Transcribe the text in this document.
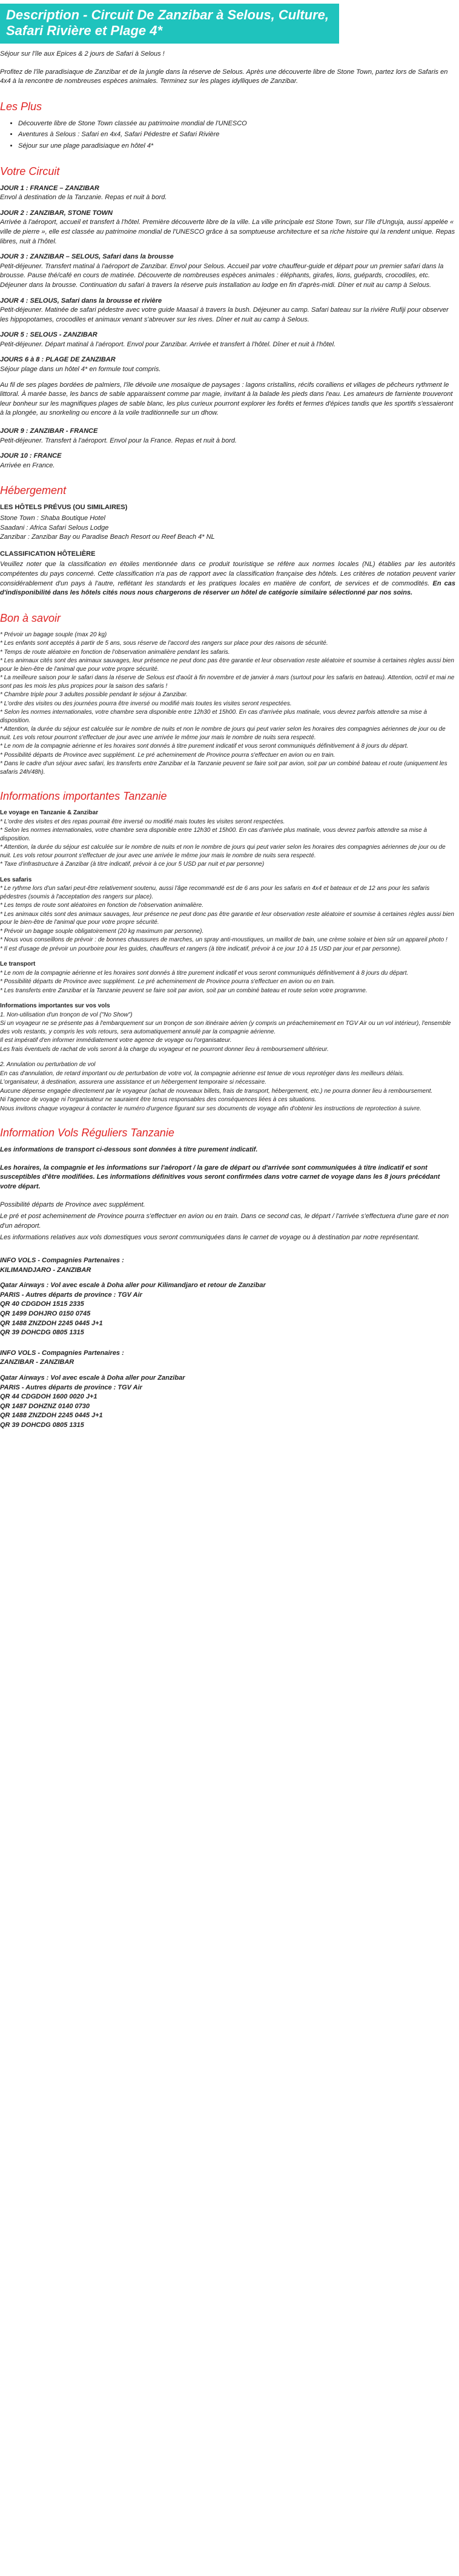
Description - Circuit De Zanzibar à Selous, Culture, Safari Rivière et Plage 4*

Séjour sur l'île aux Epices & 2 jours de Safari à Selous !

Profitez de l'île paradisiaque de Zanzibar et de la jungle dans la réserve de Selous. Après une découverte libre de Stone Town, partez lors de Safaris en 4x4 à la rencontre de nombreuses espèces animales. Terminez sur les plages idylliques de Zanzibar.

Les Plus
• Découverte libre de Stone Town classée au patrimoine mondial de l'UNESCO
• Aventures à Selous : Safari en 4x4, Safari Pédestre et Safari Rivière
• Séjour sur une plage paradisiaque en hôtel 4*
Votre Circuit
JOUR 1 : FRANCE – ZANZIBAR
Envol à destination de la Tanzanie. Repas et nuit à bord.
JOUR 2 : ZANZIBAR, STONE TOWN
Arrivée à l'aéroport, accueil et transfert à l'hôtel. Première découverte libre de la ville. La ville principale est Stone Town, sur l'île d'Unguja, aussi appelée « ville de pierre », elle est classée au patrimoine mondial de l'UNESCO grâce à sa somptueuse architecture et sa riche histoire qui la rendent unique. Repas libres, nuit à l'hôtel.
JOUR 3 : ZANZIBAR – SELOUS, Safari dans la brousse
Petit-déjeuner. Transfert matinal à l'aéroport de Zanzibar. Envol pour Selous. Accueil par votre chauffeur-guide et départ pour un premier safari dans la brousse. Pause thé/café en cours de matinée. Découverte de nombreuses espèces animales : éléphants, girafes, lions, guépards, crocodiles, etc. Déjeuner dans la brousse. Continuation du safari à travers la réserve puis installation au lodge en fin d'après-midi. Dîner et nuit au camp à Selous.
JOUR 4 : SELOUS, Safari dans la brousse et rivière
Petit-déjeuner. Matinée de safari pédestre avec votre guide Maasaï à travers la bush. Déjeuner au camp. Safari bateau sur la rivière Rufiji pour observer les hippopotames, crocodiles et animaux venant s'abreuver sur les rives. Dîner et nuit au camp à Selous.
JOUR 5 : SELOUS - ZANZIBAR
Petit-déjeuner. Départ matinal à l'aéroport. Envol pour Zanzibar. Arrivée et transfert à l'hôtel. Dîner et nuit à l'hôtel.
JOURS 6 à 8 : PLAGE DE ZANZIBAR
Séjour plage dans un hôtel 4* en formule tout compris.

Au fil de ses plages bordées de palmiers, l'île dévoile une mosaïque de paysages : lagons cristallins, récifs coralliens et villages de pêcheurs rythment le littoral. À marée basse, les bancs de sable apparaissent comme par magie, invitant à la balade les pieds dans l'eau. Les amateurs de farniente trouveront leur bonheur sur les magnifiques plages de sable blanc, les plus curieux pourront explorer les forêts et fermes d'épices tandis que les sportifs s'essaieront à la plongée, au snorkeling ou encore à la voile traditionnelle sur un dhow.

JOUR 9 : ZANZIBAR - FRANCE
Petit-déjeuner. Transfert à l'aéroport. Envol pour la France. Repas et nuit à bord.
JOUR 10 : FRANCE
Arrivée en France.
Hébergement
LES HÔTELS PRÉVUS (OU SIMILAIRES)
Stone Town : Shaba Boutique Hotel
Saadani : Africa Safari Selous Lodge
Zanzibar : Zanzibar Bay ou Paradise Beach Resort ou Reef Beach 4* NL
CLASSIFICATION HÔTELIÈRE
Veuillez noter que la classification en étoiles mentionnée dans ce produit touristique se réfère aux normes locales (NL) établies par les autorités compétentes du pays concerné. Cette classification n'a pas de rapport avec la classification française des hôtels. Les critères de notation peuvent varier considérablement d'un pays à l'autre, reflétant les standards et les pratiques locales en matière de confort, de services et de commodités. En cas d'indisponibilité dans les hôtels cités nous nous chargerons de réserver un hôtel de catégorie similaire sélectionné par nos soins.
Bon à savoir
* Prévoir un bagage souple (max 20 kg)
* Les enfants sont acceptés à partir de 5 ans, sous réserve de l'accord des rangers sur place pour des raisons de sécurité.
* Temps de route aléatoire en fonction de l'observation animalière pendant les safaris.
* Les animaux cités sont des animaux sauvages, leur présence ne peut donc pas être garantie et leur observation reste aléatoire et soumise à certaines règles aussi bien pour le bien-être de l'animal que pour votre propre sécurité.
* La meilleure saison pour le safari dans la réserve de Selous est d'août à fin novembre et de janvier à mars (surtout pour les safaris en bateau). Attention, octril et mai ne sont pas les mois les plus propices pour la saison des safaris !
* Chambre triple pour 3 adultes possible pendant le séjour à Zanzibar.
* L'ordre des visites ou des journées pourra être inversé ou modifié mais toutes les visites seront respectées.
* Selon les normes internationales, votre chambre sera disponible entre 12h30 et 15h00. En cas d'arrivée plus matinale, vous devrez parfois attendre sa mise à disposition.
* Attention, la durée du séjour est calculée sur le nombre de nuits et non le nombre de jours qui peut varier selon les horaires des compagnies aériennes de jour ou de nuit. Les vols retour pourront s'effectuer de jour avec une arrivée le même jour mais le nombre de nuits sera respecté.
* Le nom de la compagnie aérienne et les horaires sont donnés à titre purement indicatif et vous seront communiqués définitivement à 8 jours du départ.
* Possibilité départs de Province avec supplément. Le pré acheminement de Province pourra s'effectuer en avion ou en train.
* Dans le cadre d'un séjour avec safari, les transferts entre Zanzibar et la Tanzanie peuvent se faire soit par avion, soit par un combiné bateau et route (uniquement les safaris 24h/48h).
Informations importantes Tanzanie
Le voyage en Tanzanie & Zanzibar
* L'ordre des visites et des repas pourrait être inversé ou modifié mais toutes les visites seront respectées.
* Selon les normes internationales, votre chambre sera disponible entre 12h30 et 15h00. En cas d'arrivée plus matinale, vous devrez parfois attendre sa mise à disposition.
* Attention, la durée du séjour est calculée sur le nombre de nuits et non le nombre de jours qui peut varier selon les horaires des compagnies aériennes de jour ou de nuit. Les vols retour pourront s'effectuer de jour avec une arrivée le même jour mais le nombre de nuits sera respecté.
* Taxe d'infrastructure à Zanzibar (à titre indicatif, prévoir à ce jour 5 USD par nuit et par personne)
Les safaris
* Le rythme lors d'un safari peut-être relativement soutenu, aussi l'âge recommandé est de 6 ans pour les safaris en 4x4 et bateaux et de 12 ans pour les safaris pédestres (soumis à l'acceptation des rangers sur place).
* Les temps de route sont aléatoires en fonction de l'observation animalière.
* Les animaux cités sont des animaux sauvages, leur présence ne peut donc pas être garantie et leur observation reste aléatoire et soumise à certaines règles aussi bien pour le bien-être de l'animal que pour votre propre sécurité.
* Prévoir un bagage souple obligatoirement (20 kg maximum par personne).
* Nous vous conseillons de prévoir : de bonnes chaussures de marches, un spray anti-moustiques, un maillot de bain, une crème solaire et bien sûr un appareil photo !
* Il est d'usage de prévoir un pourboire pour les guides, chauffeurs et rangers (à titre indicatif, prévoir à ce jour 10 à 15 USD par jour et par personne).
Le transport
* Le nom de la compagnie aérienne et les horaires sont donnés à titre purement indicatif et vous seront communiqués définitivement à 8 jours du départ.
* Possibilité départs de Province avec supplément. Le pré acheminement de Province pourra s'effectuer en avion ou en train.
* Les transferts entre Zanzibar et la Tanzanie peuvent se faire soit par avion, soit par un combiné bateau et route selon votre programme.
Informations importantes sur vos vols
1. Non-utilisation d'un tronçon de vol ("No Show")
Si un voyageur ne se présente pas à l'embarquement sur un tronçon de son itinéraire aérien (y compris un préacheminement en TGV Air ou un vol intérieur), l'ensemble des vols restants, y compris les vols retours, sera automatiquement annulé par la compagnie aérienne.
Il est impératif d'en informer immédiatement votre agence de voyage ou l'organisateur.
Les frais éventuels de rachat de vols seront à la charge du voyageur et ne pourront donner lieu à remboursement ultérieur.
2. Annulation ou perturbation de vol
En cas d'annulation, de retard important ou de perturbation de votre vol, la compagnie aérienne est tenue de vous reprotéger dans les meilleurs délais.
L'organisateur, à destination, assurera une assistance et un hébergement temporaire si nécessaire.
Aucune dépense engagée directement par le voyageur (achat de nouveaux billets, frais de transport, hébergement, etc.) ne pourra donner lieu à remboursement.
Ni l'agence de voyage ni l'organisateur ne sauraient être tenus responsables des conséquences liées à ces situations.
Nous invitons chaque voyageur à contacter le numéro d'urgence figurant sur ses documents de voyage afin d'obtenir les instructions de reprotection à suivre.
Information Vols Réguliers Tanzanie

Les informations de transport ci-dessous sont données à titre purement indicatif.

Les horaires, la compagnie et les informations sur l'aéroport / la gare de départ ou d'arrivée sont communiquées à titre indicatif et sont susceptibles d'être modifiées. Les informations définitives vous seront confirmées dans votre carnet de voyage dans les 8 jours précédant votre départ.

Possibilité départs de Province avec supplément.

Le pré et post acheminement de Province pourra s'effectuer en avion ou en train. Dans ce second cas, le départ / l'arrivée s'effectuera d'une gare et non d'un aéroport.

Les informations relatives aux vols domestiques vous seront communiquées dans le carnet de voyage ou à destination par notre représentant.

INFO VOLS - Compagnies Partenaires :
KILIMANDJARO - ZANZIBAR
Qatar Airways : Vol avec escale à Doha aller pour Kilimandjaro et retour de Zanzibar
PARIS - Autres départs de province : TGV Air
QR 40 CDGDOH 1515 2335
QR 1499 DOHJRO 0150 0745
QR 1488 ZNZDOH 2245 0445 J+1
QR 39 DOHCDG 0805 1315
INFO VOLS - Compagnies Partenaires :
ZANZIBAR - ZANZIBAR
Qatar Airways : Vol avec escale à Doha aller pour Zanzibar
PARIS - Autres départs de province : TGV Air
QR 44 CDGDOH 1600 0020 J+1
QR 1487 DOHZNZ 0140 0730
QR 1488 ZNZDOH 2245 0445 J+1
QR 39 DOHCDG 0805 1315
